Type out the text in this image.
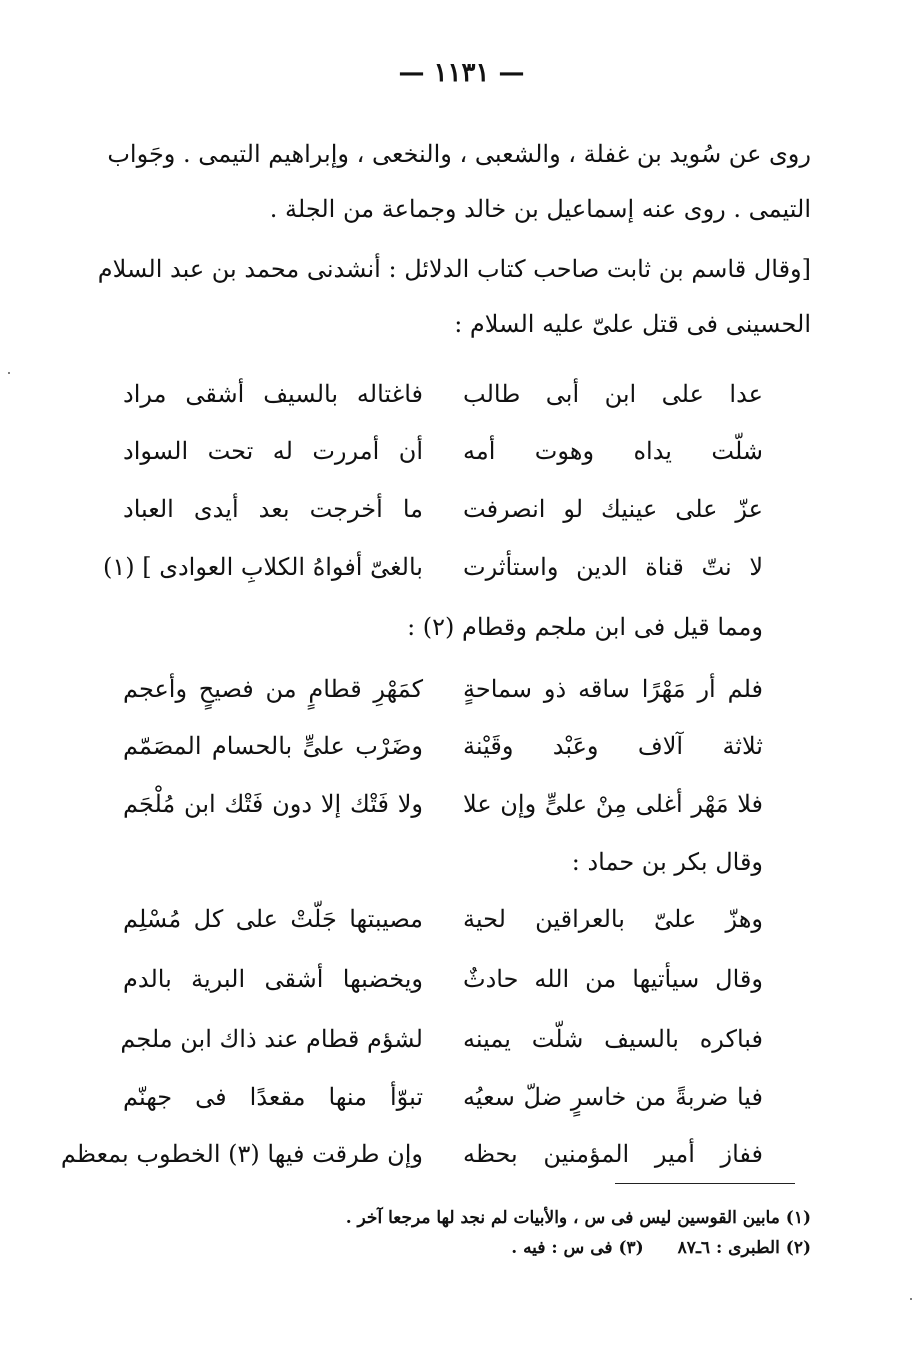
— ١١٣١ —
روى عن سُويد بن غفلة ، والشعبى ، والنخعى ، وإبراهيم التيمى . وجَواب
التيمى . روى عنه إسماعيل بن خالد وجماعة من الجلة .
[وقال قاسم بن ثابت صاحب كتاب الدلائل : أنشدنى محمد بن عبد السلام
الحسينى فى قتل علىّ عليه السلام :
عدا على ابن أبى طالب
فاغتاله بالسيف أشقى مراد
شلّت يداه وهوت أمه
أن أمررت له تحت السواد
عزّ على عينيك لو انصرفت
ما أخرجت بعد أيدى العباد
لا نتّ قناة الدين واستأثرت
بالغىّ أفواهُ الكلابِ العوادى ] (١)
ومما قيل فى ابن ملجم وقطام (٢) :
فلم أر مَهْرًا ساقه ذو سماحةٍ
كمَهْرِ قطامٍ من فصيحٍ وأعجم
ثلاثة آلاف وعَبْد وقَيْنة
وضَرْب علىٍّ بالحسام المصَمّم
فلا مَهْر أغلى مِنْ علىٍّ وإن علا
ولا فَتْك إلا دون فَتْك ابن مُلْجَم
وقال بكر بن حماد :
وهزّ علىّ بالعراقين لحية
مصيبتها جَلّتْ على كل مُسْلِم
وقال سيأتيها من الله حادثٌ
ويخضبها أشقى البرية بالدم
فباكره بالسيف شلّت يمينه
لشؤم قطام عند ذاك ابن ملجم
فيا ضربةً من خاسرٍ ضلّ سعيُه
تبوّأ منها مقعدًا فى جهنّم
ففاز أمير المؤمنين بحظه
وإن طرقت فيها (٣) الخطوب بمعظم
(١) مابين القوسين ليس فى س ، والأبيات لم نجد لها مرجعا آخر .
(٢) الطبرى : ٦ـ٨٧(٣) فى س : فيه .
